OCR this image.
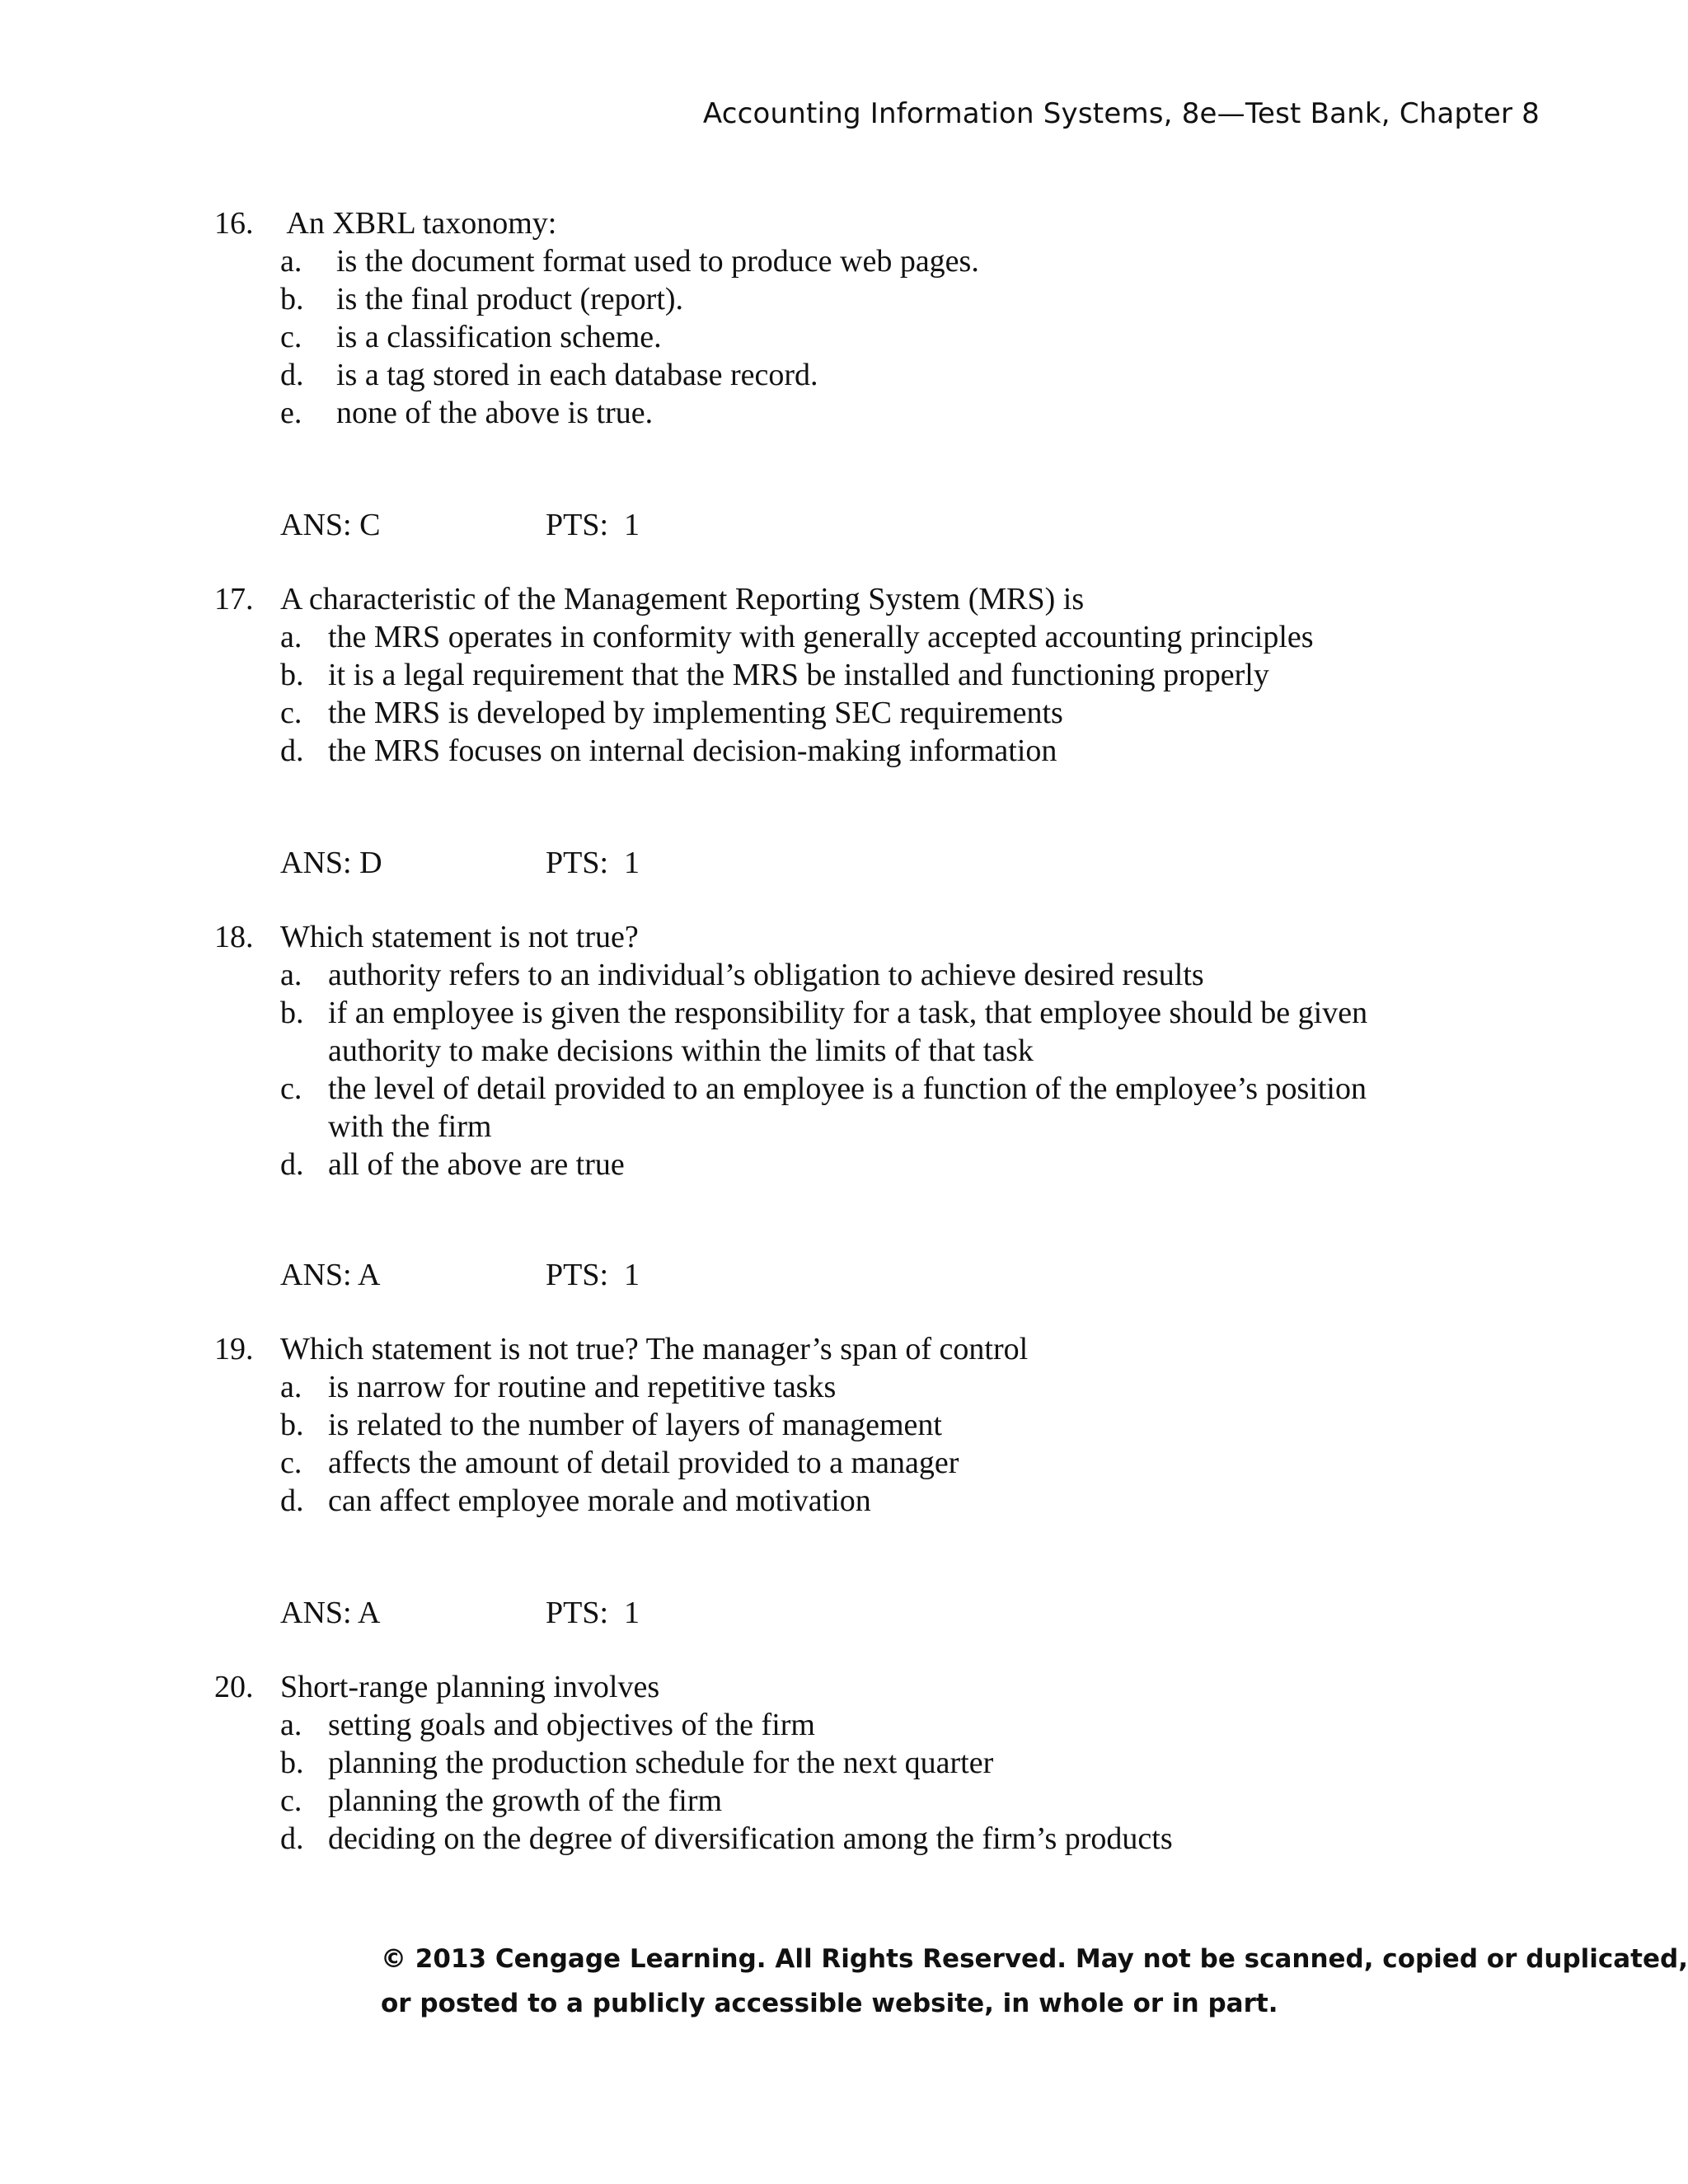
Accounting Information Systems, 8e—Test Bank, Chapter 8
16. An XBRL taxonomy:
a.	is the document format used to produce web pages.
b.	is the final product (report).
c.	is a classification scheme.
d.	is a tag stored in each database record.
e.	none of the above is true.
ANS: C	PTS: 1
17. A characteristic of the Management Reporting System (MRS) is
a. the MRS operates in conformity with generally accepted accounting principles
b. it is a legal requirement that the MRS be installed and functioning properly
c. the MRS is developed by implementing SEC requirements
d. the MRS focuses on internal decision-making information
ANS: D	PTS: 1
18. Which statement is not true?
a. authority refers to an individual’s obligation to achieve desired results
b. if an employee is given the responsibility for a task, that employee should be given
authority to make decisions within the limits of that task
c. the level of detail provided to an employee is a function of the employee’s position
with the firm
d. all of the above are true
ANS: A	PTS: 1
19. Which statement is not true? The manager’s span of control
a. is narrow for routine and repetitive tasks
b. is related to the number of layers of management
c. affects the amount of detail provided to a manager
d. can affect employee morale and motivation
ANS: A	PTS: 1
20. Short-range planning involves
a. setting goals and objectives of the firm
b. planning the production schedule for the next quarter
c. planning the growth of the firm
d. deciding on the degree of diversification among the firm’s products
© 2013 Cengage Learning. All Rights Reserved. May not be scanned, copied or duplicated,
or posted to a publicly accessible website, in whole or in part.
